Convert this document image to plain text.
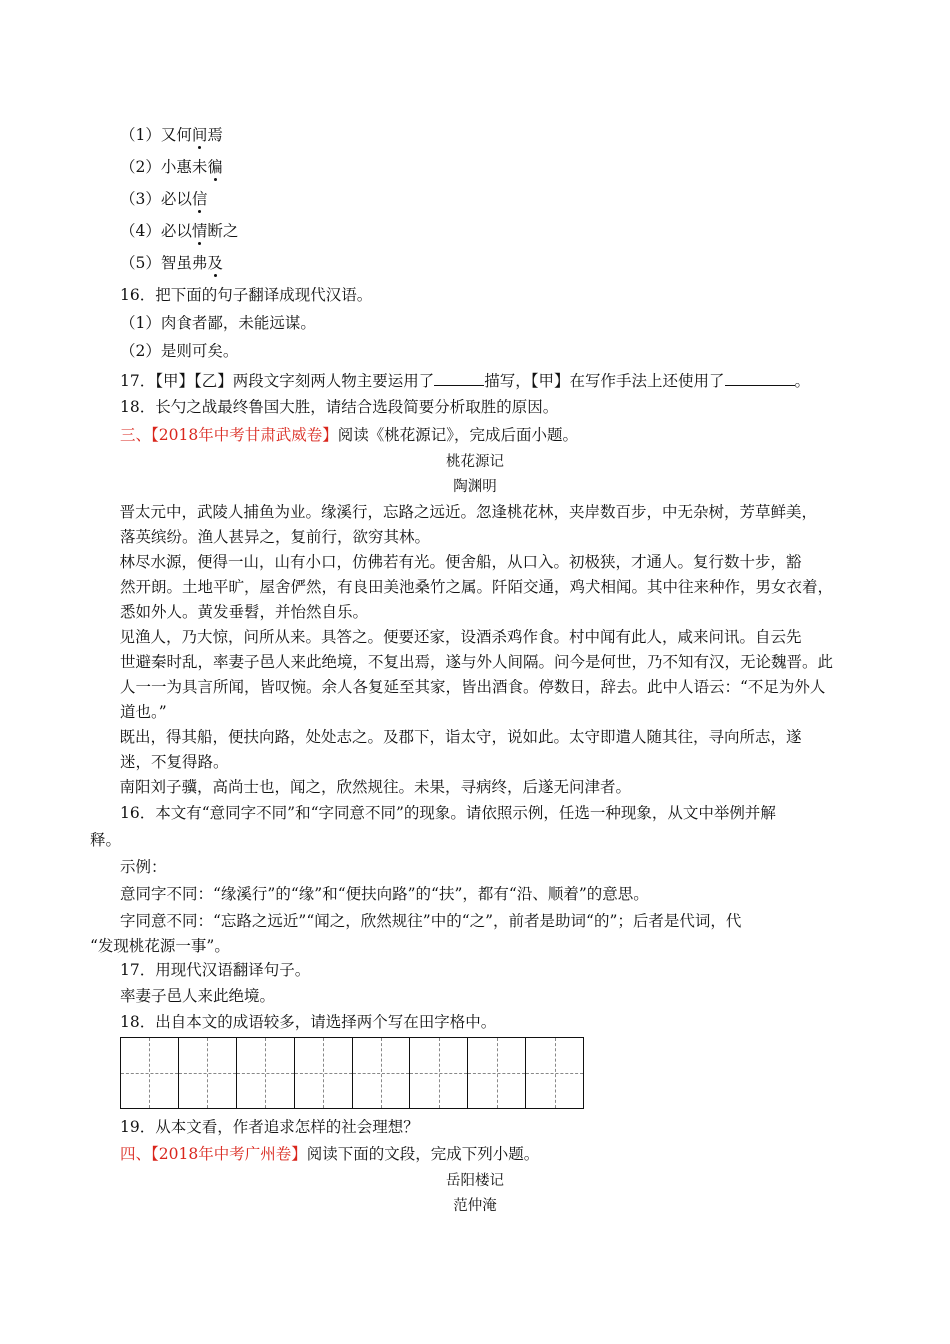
（1）又何间焉
（2）小惠未徧
（3）必以信
（4）必以情断之
（5）智虽弗及
16．把下面的句子翻译成现代汉语。
（1）肉食者鄙，未能远谋。
（2）是则可矣。
17．【甲】【乙】两段文字刻两人物主要运用了	描写，【甲】在写作手法上还使用了	。
18．长勺之战最终鲁国大胜，请结合选段简要分析取胜的原因。
三、【2018年中考甘肃武威卷】阅读《桃花源记》，完成后面小题。
桃花源记
陶渊明
　晋太元中，武陵人捕鱼为业。缘溪行，忘路之远近。忽逢桃花林，夹岸数百步，中无杂树，芳草鲜美，
落英缤纷。渔人甚异之，复前行，欲穷其林。
　林尽水源，便得一山，山有小口，仿佛若有光。便舍船，从口入。初极狭，才通人。复行数十步，豁
然开朗。土地平旷，屋舍俨然，有良田美池桑竹之属。阡陌交通，鸡犬相闻。其中往来种作，男女衣着，
悉如外人。黄发垂髫，并怡然自乐。
　见渔人，乃大惊，问所从来。具答之。便要还家，设酒杀鸡作食。村中闻有此人，咸来问讯。自云先
世避秦时乱，率妻子邑人来此绝境，不复出焉，遂与外人间隔。问今是何世，乃不知有汉，无论魏晋。此
人一一为具言所闻，皆叹惋。余人各复延至其家，皆出酒食。停数日，辞去。此中人语云：“不足为外人
道也。”
　既出，得其船，便扶向路，处处志之。及郡下，诣太守，说如此。太守即遣人随其往，寻向所志，遂
迷，不复得路。
　南阳刘子骥，高尚士也，闻之，欣然规往。未果，寻病终，后遂无问津者。
16．本文有“意同字不同”和“字同意不同”的现象。请依照示例，任选一种现象，从文中举例并解
释。
示例：
意同字不同：“缘溪行”的“缘”和“便扶向路”的“扶”，都有“沿、顺着”的意思。
字同意不同：“忘路之远近”“闻之，欣然规往”中的“之”，前者是助词“的”；后者是代词，代
“发现桃花源一事”。
17．用现代汉语翻译句子。
率妻子邑人来此绝境。
18．出自本文的成语较多，请选择两个写在田字格中。
19．从本文看，作者追求怎样的社会理想？
四、【2018年中考广州卷】阅读下面的文段，完成下列小题。
岳阳楼记
范仲淹
